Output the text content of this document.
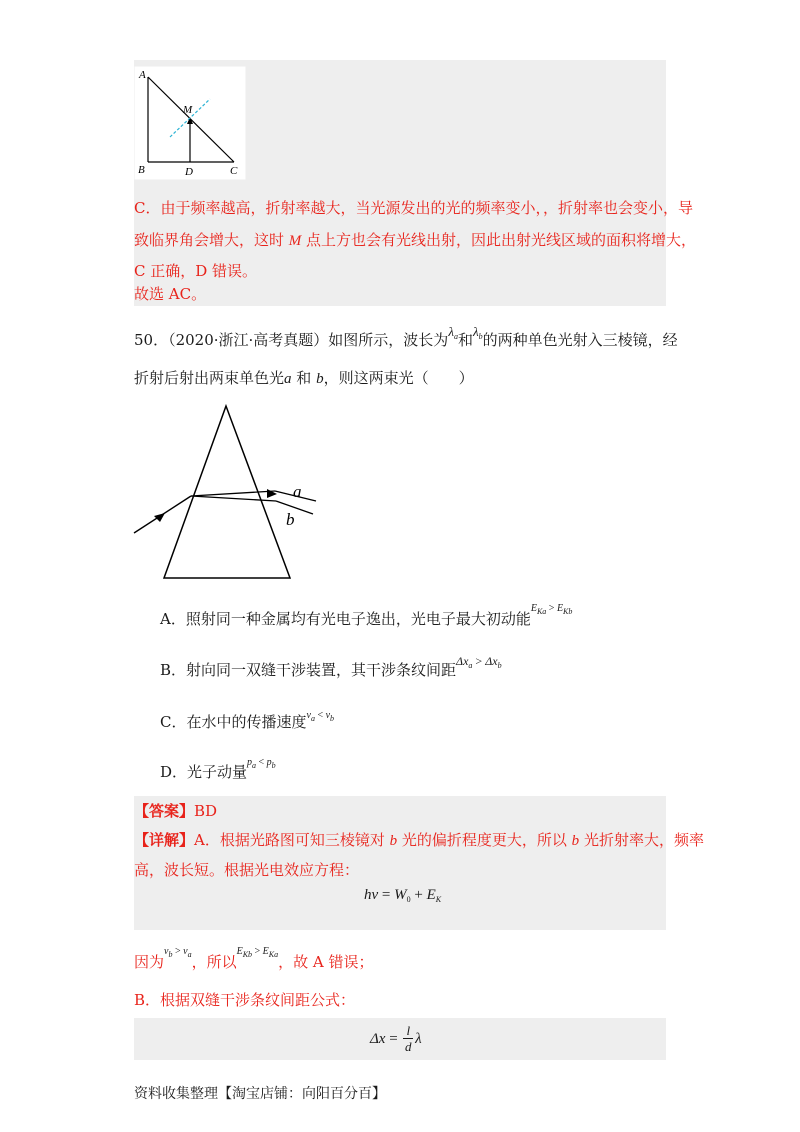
A
M
B	D	C
C．由于频率越高，折射率越大，当光源发出的光的频率变小，，折射率也会变小，导
致临界角会增大，这时 M 点上方也会有光线出射，因此出射光线区域的面积将增大，
C 正确，D 错误。
故选 AC。
50．（2020·浙江·高考真题）如图所示，波长为$\lambda_a$和$\lambda_b$的两种单色光射入三棱镜，经
折射后射出两束单色光a 和 b，则这两束光（　　）
a
b
A．照射同一种金属均有光电子逸出，光电子最大初动能$^{E_{Ka} > E_{Kb}}$
B．射向同一双缝干涉装置，其干涉条纹间距$^{\Delta x_a > \Delta x_b}$
C．在水中的传播速度$^{v_a < v_b}$
D．光子动量$^{p_a < p_b}$
【答案】BD
【详解】A．根据光路图可知三棱镜对 b 光的偏折程度更大，所以 b 光折射率大，频率
高，波长短。根据光电效应方程：
$h\nu = W_0 + E_K$
因为$^{\nu_b > \nu_a}$，所以$^{E_{Kb} > E_{Ka}}$，故 A 错误；
B．根据双缝干涉条纹间距公式：
$\Delta x = \frac{l}{d}$ λ
资料收集整理【淘宝店铺：向阳百分百】
